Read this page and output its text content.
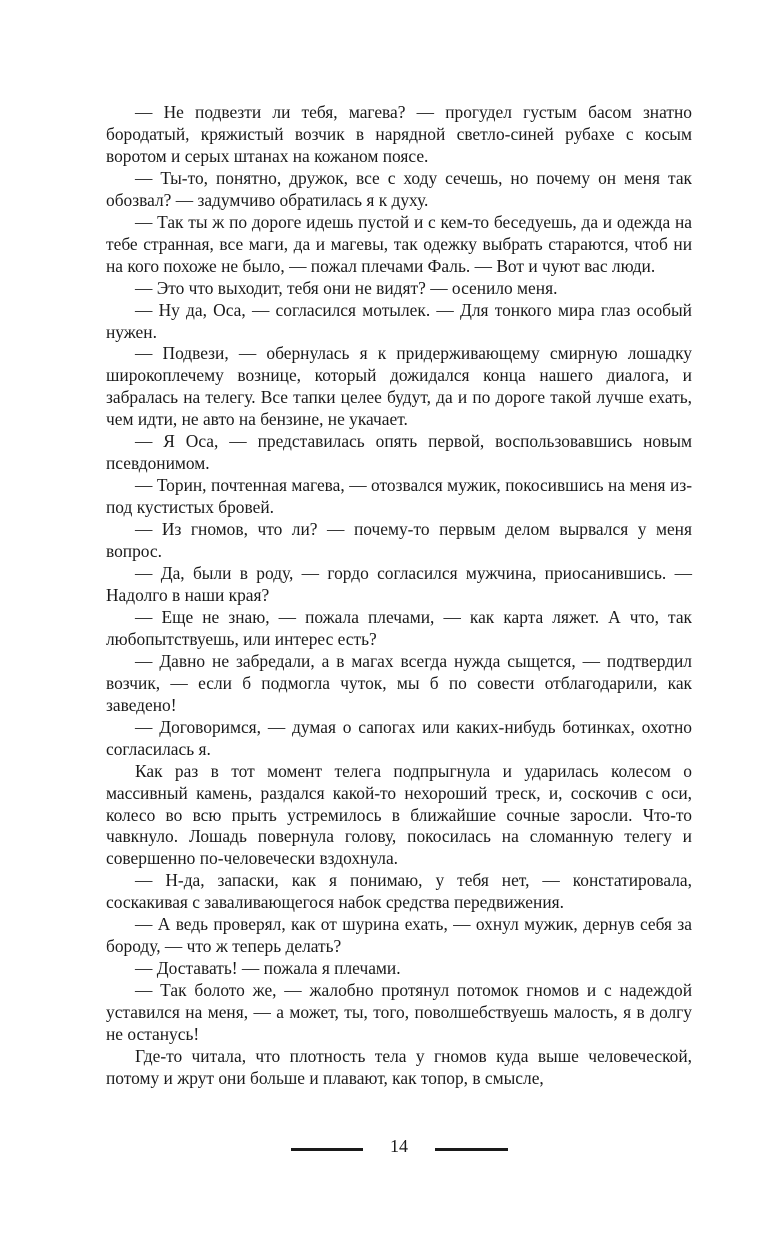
— Не подвезти ли тебя, магева? — прогудел густым басом знатно бородатый, кряжистый возчик в нарядной светло-синей рубахе с косым воротом и серых штанах на кожаном поясе.

— Ты-то, понятно, дружок, все с ходу сечешь, но почему он меня так обозвал? — задумчиво обратилась я к духу.

— Так ты ж по дороге идешь пустой и с кем-то беседуешь, да и одежда на тебе странная, все маги, да и магевы, так одежку выбрать стараются, чтоб ни на кого похоже не было, — пожал плечами Фаль. — Вот и чуют вас люди.

— Это что выходит, тебя они не видят? — осенило меня.

— Ну да, Оса, — согласился мотылек. — Для тонкого мира глаз особый нужен.

— Подвези, — обернулась я к придерживающему смирную лошадку широкоплечему вознице, который дожидался конца нашего диалога, и забралась на телегу. Все тапки целее будут, да и по дороге такой лучше ехать, чем идти, не авто на бензине, не укачает.

— Я Оса, — представилась опять первой, воспользовавшись новым псевдонимом.

— Торин, почтенная магева, — отозвался мужик, покосившись на меня из-под кустистых бровей.

— Из гномов, что ли? — почему-то первым делом вырвался у меня вопрос.

— Да, были в роду, — гордо согласился мужчина, приосанившись. — Надолго в наши края?

— Еще не знаю, — пожала плечами, — как карта ляжет. А что, так любопытствуешь, или интерес есть?

— Давно не забредали, а в магах всегда нужда сыщется, — подтвердил возчик, — если б подмогла чуток, мы б по совести отблагодарили, как заведено!

— Договоримся, — думая о сапогах или каких-нибудь ботинках, охотно согласилась я.

Как раз в тот момент телега подпрыгнула и ударилась колесом о массивный камень, раздался какой-то нехороший треск, и, соскочив с оси, колесо во всю прыть устремилось в ближайшие сочные заросли. Что-то чавкнуло. Лошадь повернула голову, покосилась на сломанную телегу и совершенно по-человечески вздохнула.

— Н-да, запаски, как я понимаю, у тебя нет, — констатировала, соскакивая с заваливающегося набок средства передвижения.

— А ведь проверял, как от шурина ехать, — охнул мужик, дернув себя за бороду, — что ж теперь делать?

— Доставать! — пожала я плечами.

— Так болото же, — жалобно протянул потомок гномов и с надеждой уставился на меня, — а может, ты, того, поволшебствуешь малость, я в долгу не останусь!

Где-то читала, что плотность тела у гномов куда выше человеческой, потому и жрут они больше и плавают, как топор, в смысле,

14
